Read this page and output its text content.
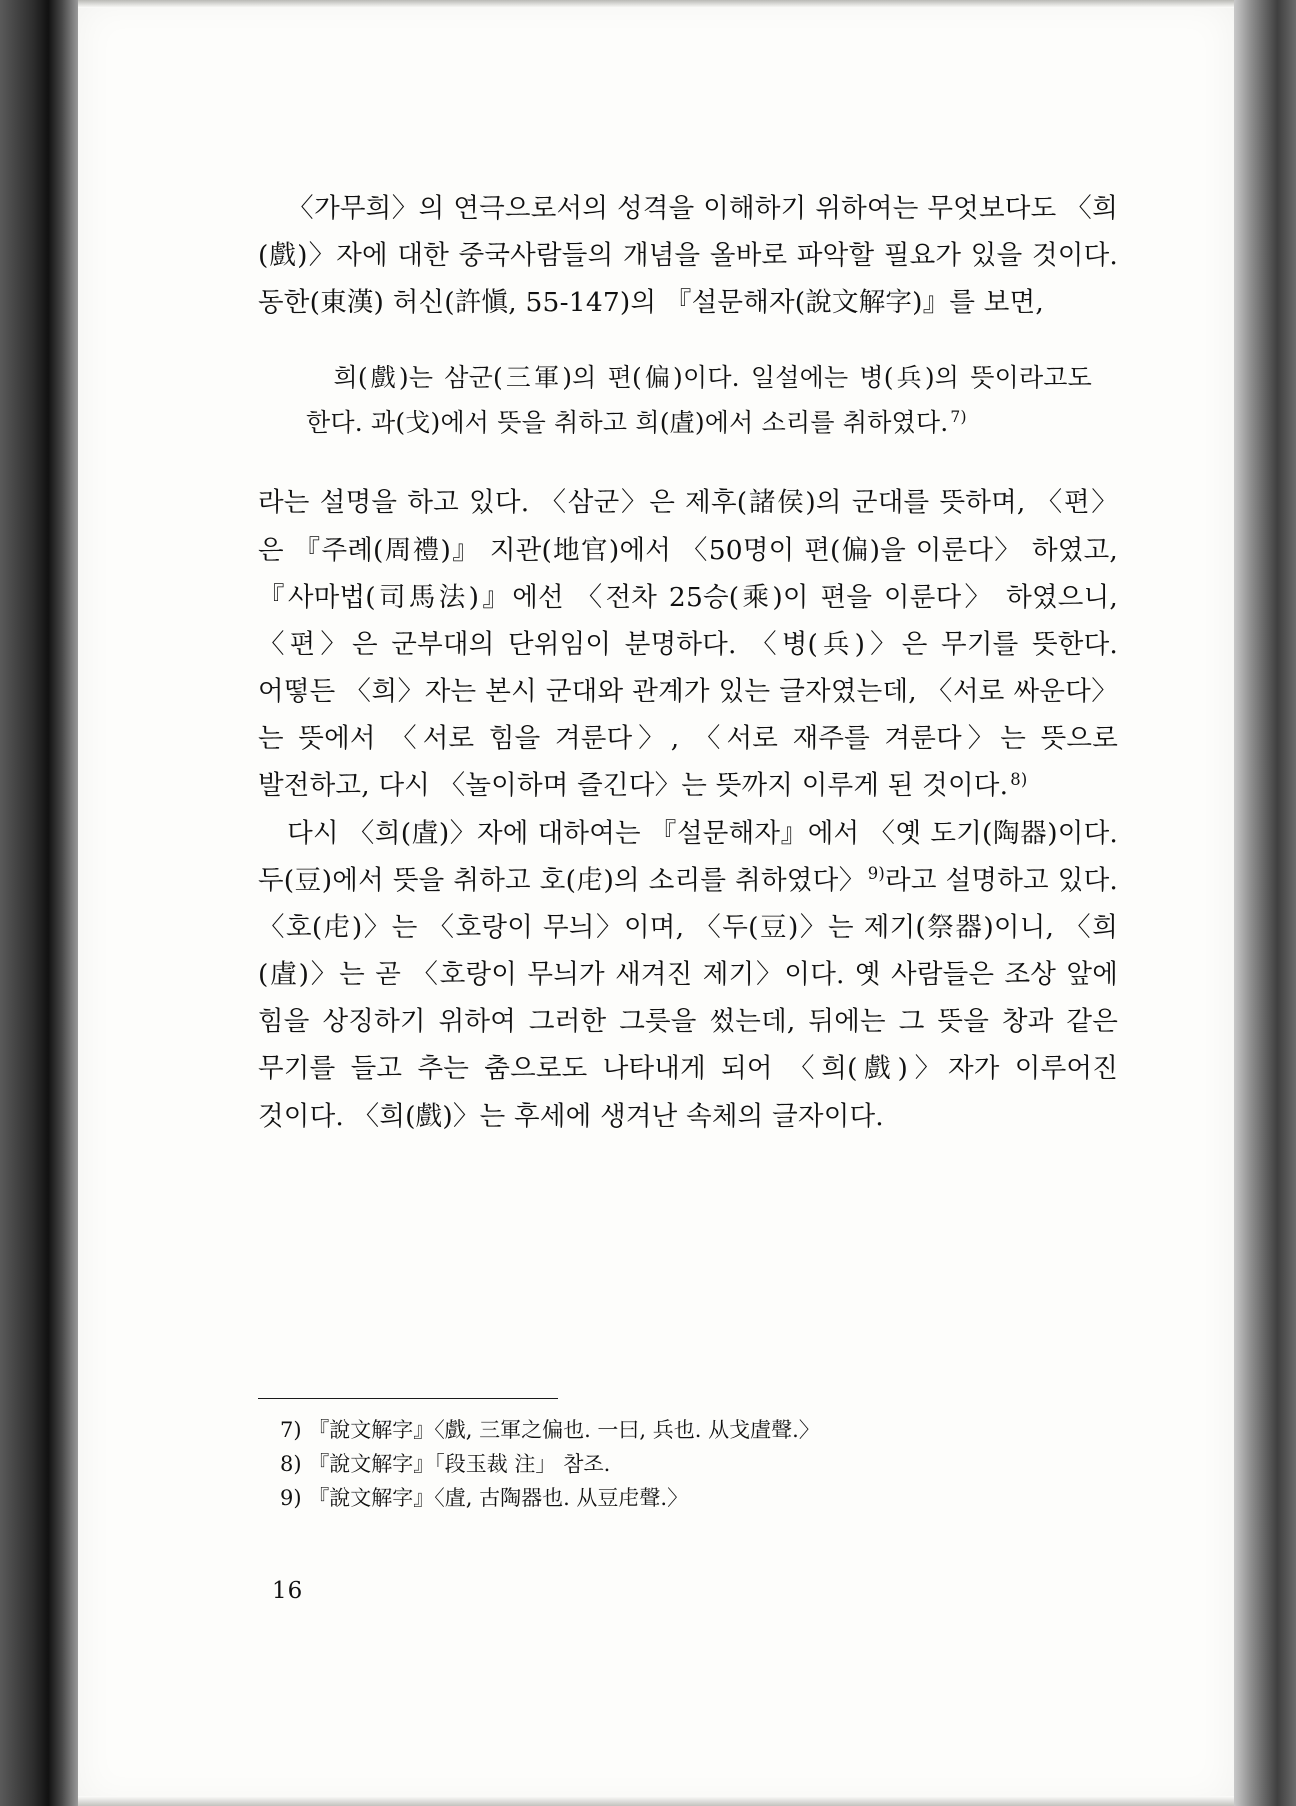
〈가무희〉의 연극으로서의 성격을 이해하기 위하여는 무엇보다도 〈희(戲)〉자에 대한 중국사람들의 개념을 올바로 파악할 필요가 있을 것이다. 동한(東漢) 허신(許愼, 55-147)의 『설문해자(說文解字)』를 보면,

희(戲)는 삼군(三軍)의 편(偏)이다. 일설에는 병(兵)의 뜻이라고도 한다. 과(戈)에서 뜻을 취하고 희(虘)에서 소리를 취하였다. $^{7)}$

라는 설명을 하고 있다. 〈삼군〉은 제후(諸侯)의 군대를 뜻하며, 〈편〉은 『주례(周禮)』 지관(地官)에서 〈50명이 편(偏)을 이룬다〉 하였고, 『사마법(司馬法)』에선 〈전차 25승(乘)이 편을 이룬다〉 하였으니, 〈편〉은 군부대의 단위임이 분명하다. 〈병(兵)〉은 무기를 뜻한다. 어떻든 〈희〉자는 본시 군대와 관계가 있는 글자였는데, 〈서로 싸운다〉는 뜻에서 〈서로 힘을 겨룬다〉, 〈서로 재주를 겨룬다〉는 뜻으로 발전하고, 다시 〈놀이하며 즐긴다〉는 뜻까지 이루게 된 것이다. $^{8)}$

다시 〈희(虘)〉자에 대하여는 『설문해자』에서 〈옛 도기(陶器)이다. 두(豆)에서 뜻을 취하고 호(虍)의 소리를 취하였다〉 $^{9)}$라고 설명하고 있다. 〈호(虍)〉는 〈호랑이 무늬〉이며, 〈두(豆)〉는 제기(祭器)이니, 〈희(虘)〉는 곧 〈호랑이 무늬가 새겨진 제기〉이다. 옛 사람들은 조상 앞에 힘을 상징하기 위하여 그러한 그릇을 썼는데, 뒤에는 그 뜻을 창과 같은 무기를 들고 추는 춤으로도 나타내게 되어 〈희(戲)〉자가 이루어진 것이다. 〈희(戲)〉는 후세에 생겨난 속체의 글자이다.

7) 『說文解字』〈戲, 三軍之偏也. 一曰, 兵也. 从戈虘聲.〉
8) 『說文解字』「段玉裁 注」 참조.
9) 『說文解字』〈虘, 古陶器也. 从豆虍聲.〉
16
